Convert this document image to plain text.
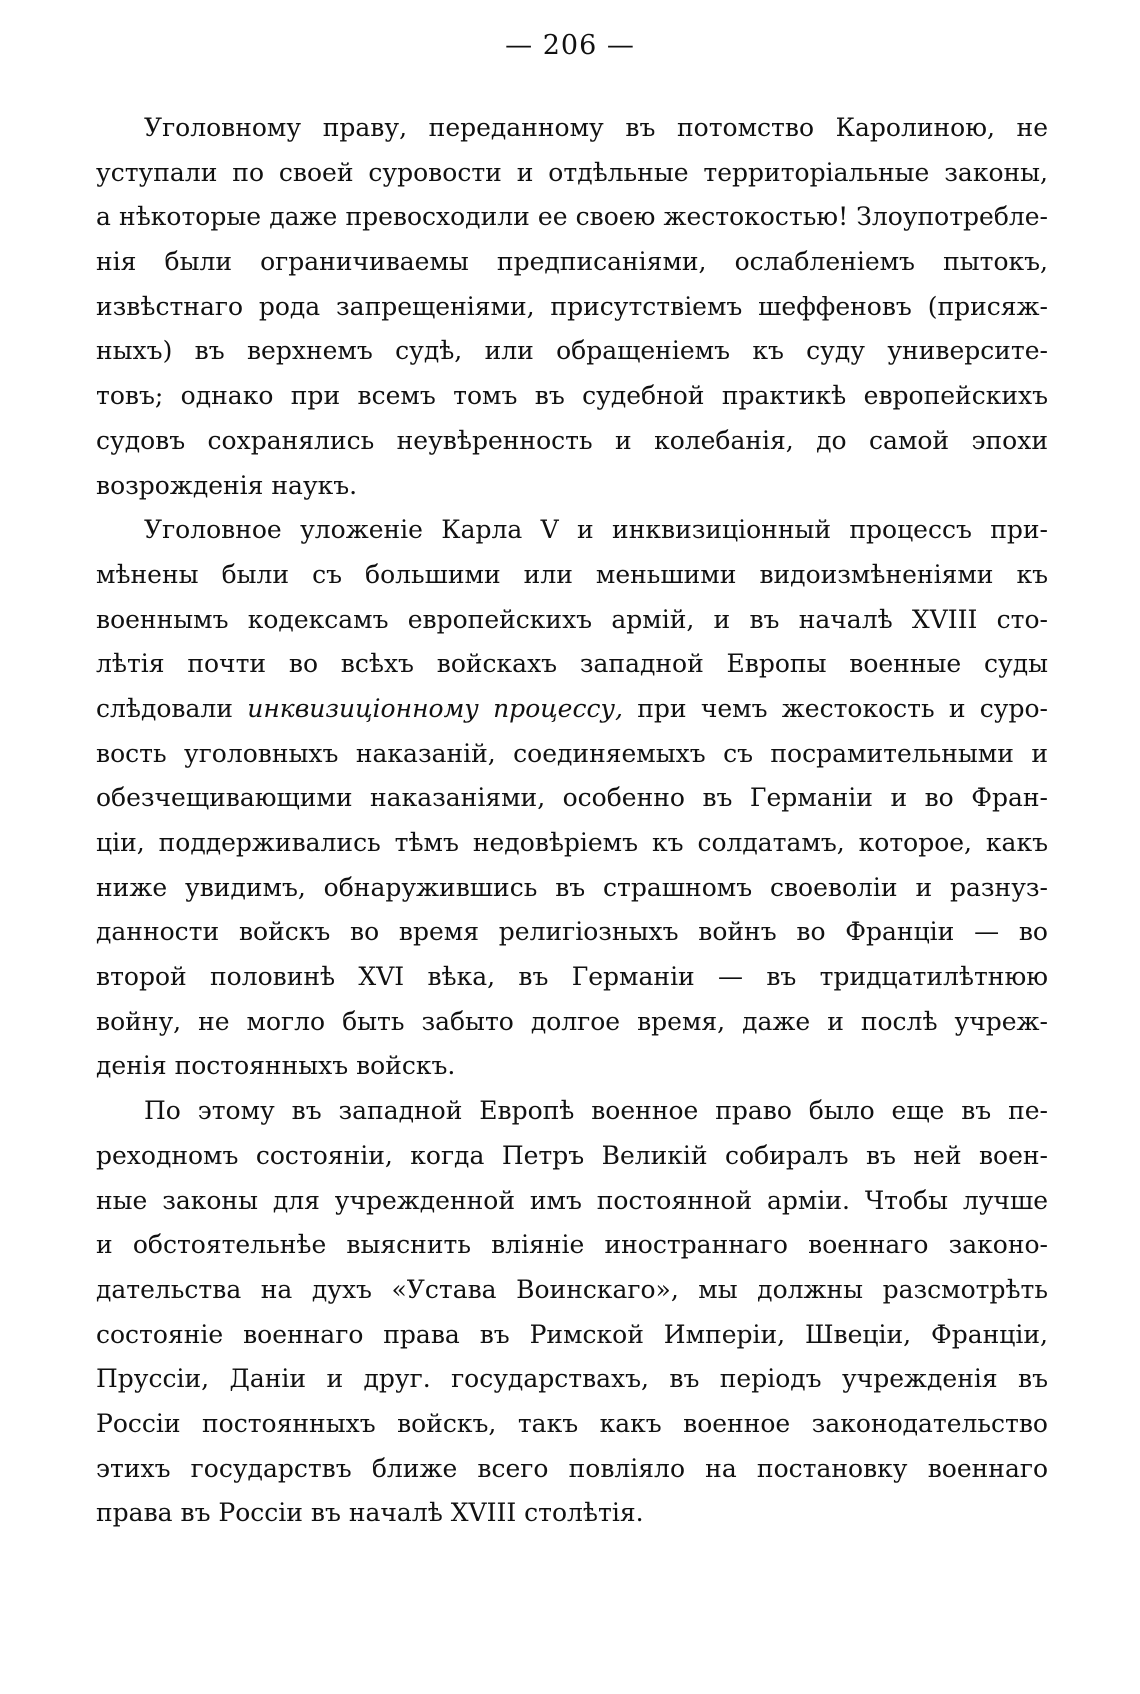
— 206 —
Уголовному праву, переданному въ потомство Каролиною, не
уступали по своей суровости и отдѣльные территоріальные законы,
а нѣкоторые даже превосходили ее своею жестокостью! Злоупотребле-
нія были ограничиваемы предписаніями, ослабленіемъ пытокъ,
извѣстнаго рода запрещеніями, присутствіемъ шеффеновъ (присяж-
ныхъ) въ верхнемъ судѣ, или обращеніемъ къ суду университе-
товъ; однако при всемъ томъ въ судебной практикѣ европейскихъ
судовъ сохранялись неувѣренность и колебанія, до самой эпохи
возрожденія наукъ.
Уголовное уложеніе Карла V и инквизиціонный процессъ при-
мѣнены были съ большими или меньшими видоизмѣненіями къ
военнымъ кодексамъ европейскихъ армій, и въ началѣ XVIII сто-
лѣтія почти во всѣхъ войскахъ западной Европы военные суды
слѣдовали инквизиціонному процессу, при чемъ жестокость и суро-
вость уголовныхъ наказаній, соединяемыхъ съ посрамительными и
обезчещивающими наказаніями, особенно въ Германіи и во Фран-
ціи, поддерживались тѣмъ недовѣріемъ къ солдатамъ, которое, какъ
ниже увидимъ, обнаружившись въ страшномъ своеволіи и разнуз-
данности войскъ во время религіозныхъ войнъ во Франціи — во
второй половинѣ XVI вѣка, въ Германіи — въ тридцатилѣтнюю
войну, не могло быть забыто долгое время, даже и послѣ учреж-
денія постоянныхъ войскъ.
По этому въ западной Европѣ военное право было еще въ пе-
реходномъ состояніи, когда Петръ Великій собиралъ въ ней воен-
ные законы для учрежденной имъ постоянной арміи. Чтобы лучше
и обстоятельнѣе выяснить вліяніе иностраннаго военнаго законо-
дательства на духъ «Устава Воинскаго», мы должны разсмотрѣть
состояніе военнаго права въ Римской Имперіи, Швеціи, Франціи,
Пруссіи, Даніи и друг. государствахъ, въ періодъ учрежденія въ
Россіи постоянныхъ войскъ, такъ какъ военное законодательство
этихъ государствъ ближе всего повліяло на постановку военнаго
права въ Россіи въ началѣ XVIII столѣтія.
